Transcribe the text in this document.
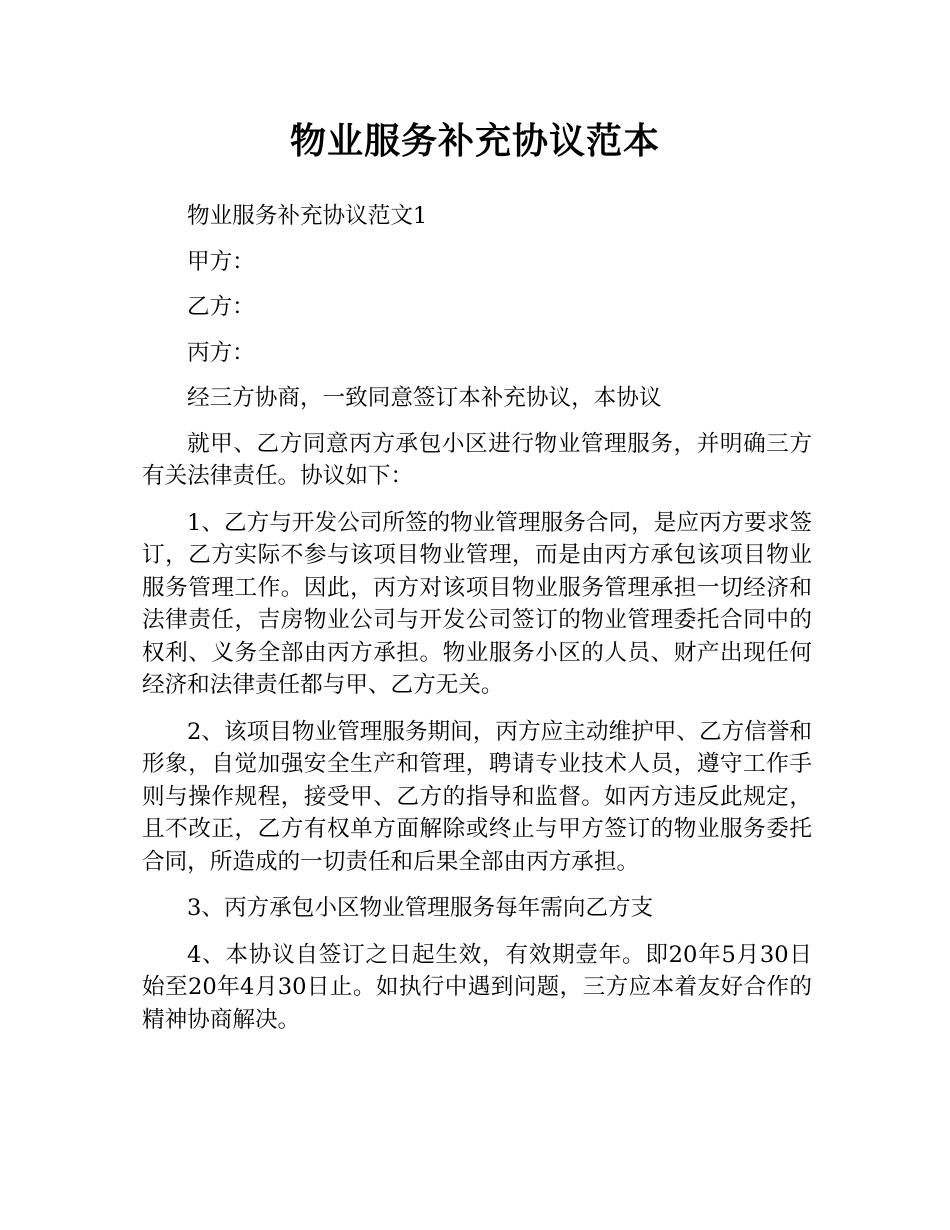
物业服务补充协议范本

物业服务补充协议范文1

甲方：

乙方：

丙方：

经三方协商，一致同意签订本补充协议，本协议

就甲、乙方同意丙方承包小区进行物业管理服务，并明确三方有关法律责任。协议如下：

1、乙方与开发公司所签的物业管理服务合同，是应丙方要求签订，乙方实际不参与该项目物业管理，而是由丙方承包该项目物业服务管理工作。因此，丙方对该项目物业服务管理承担一切经济和法律责任，吉房物业公司与开发公司签订的物业管理委托合同中的权利、义务全部由丙方承担。物业服务小区的人员、财产出现任何经济和法律责任都与甲、乙方无关。

2、该项目物业管理服务期间，丙方应主动维护甲、乙方信誉和形象，自觉加强安全生产和管理，聘请专业技术人员，遵守工作手则与操作规程，接受甲、乙方的指导和监督。如丙方违反此规定，且不改正，乙方有权单方面解除或终止与甲方签订的物业服务委托合同，所造成的一切责任和后果全部由丙方承担。

3、丙方承包小区物业管理服务每年需向乙方支

4、本协议自签订之日起生效，有效期壹年。即20年5月30日始至20年4月30日止。如执行中遇到问题，三方应本着友好合作的精神协商解决。
